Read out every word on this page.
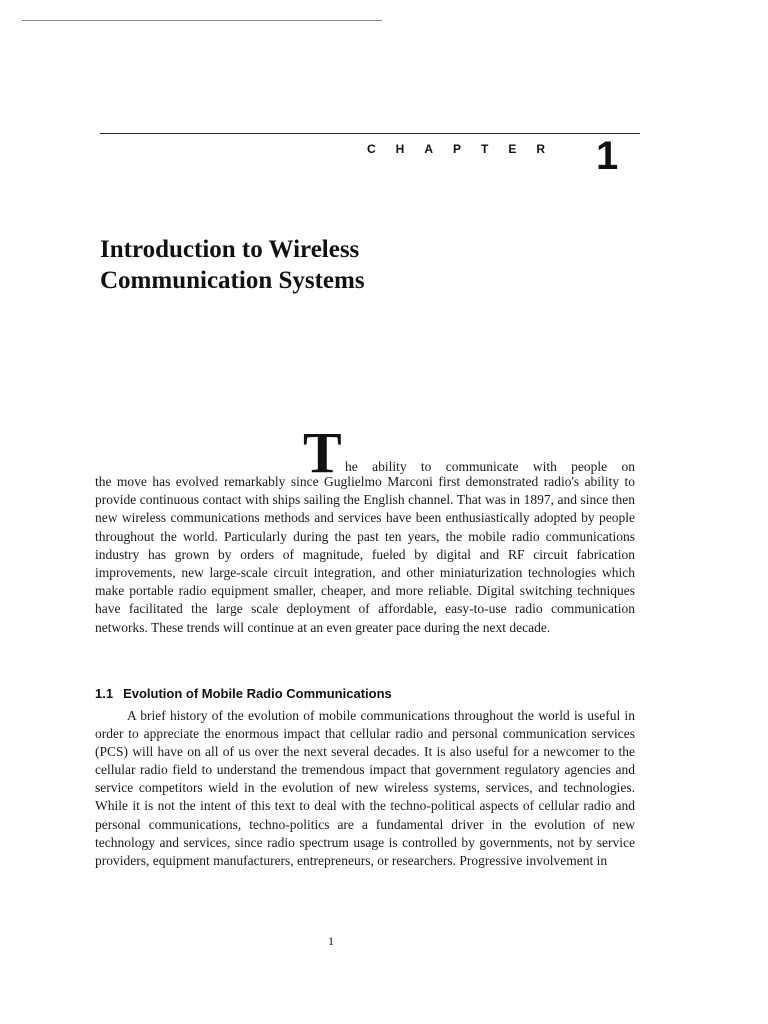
CHAPTER 1
Introduction to Wireless
Communication Systems
T he ability to communicate with people on

the move has evolved remarkably since Guglielmo Marconi first demonstrated radio's ability to provide continuous contact with ships sailing the English channel. That was in 1897, and since then new wireless communications methods and services have been enthusiastically adopted by people throughout the world. Particularly during the past ten years, the mobile radio communications industry has grown by orders of magnitude, fueled by digital and RF circuit fabrication improvements, new large-scale circuit integration, and other miniaturization technologies which make portable radio equipment smaller, cheaper, and more reliable. Digital switching techniques have facilitated the large scale deployment of affordable, easy-to-use radio communication networks. These trends will continue at an even greater pace during the next decade.

1.1 Evolution of Mobile Radio Communications

A brief history of the evolution of mobile communications throughout the world is useful in order to appreciate the enormous impact that cellular radio and personal communication services (PCS) will have on all of us over the next several decades. It is also useful for a newcomer to the cellular radio field to understand the tremendous impact that government regulatory agencies and service competitors wield in the evolution of new wireless systems, services, and technologies. While it is not the intent of this text to deal with the techno-political aspects of cellular radio and personal communications, techno-politics are a fundamental driver in the evolution of new technology and services, since radio spectrum usage is controlled by governments, not by service providers, equipment manufacturers, entrepreneurs, or researchers. Progressive involvement in

1
